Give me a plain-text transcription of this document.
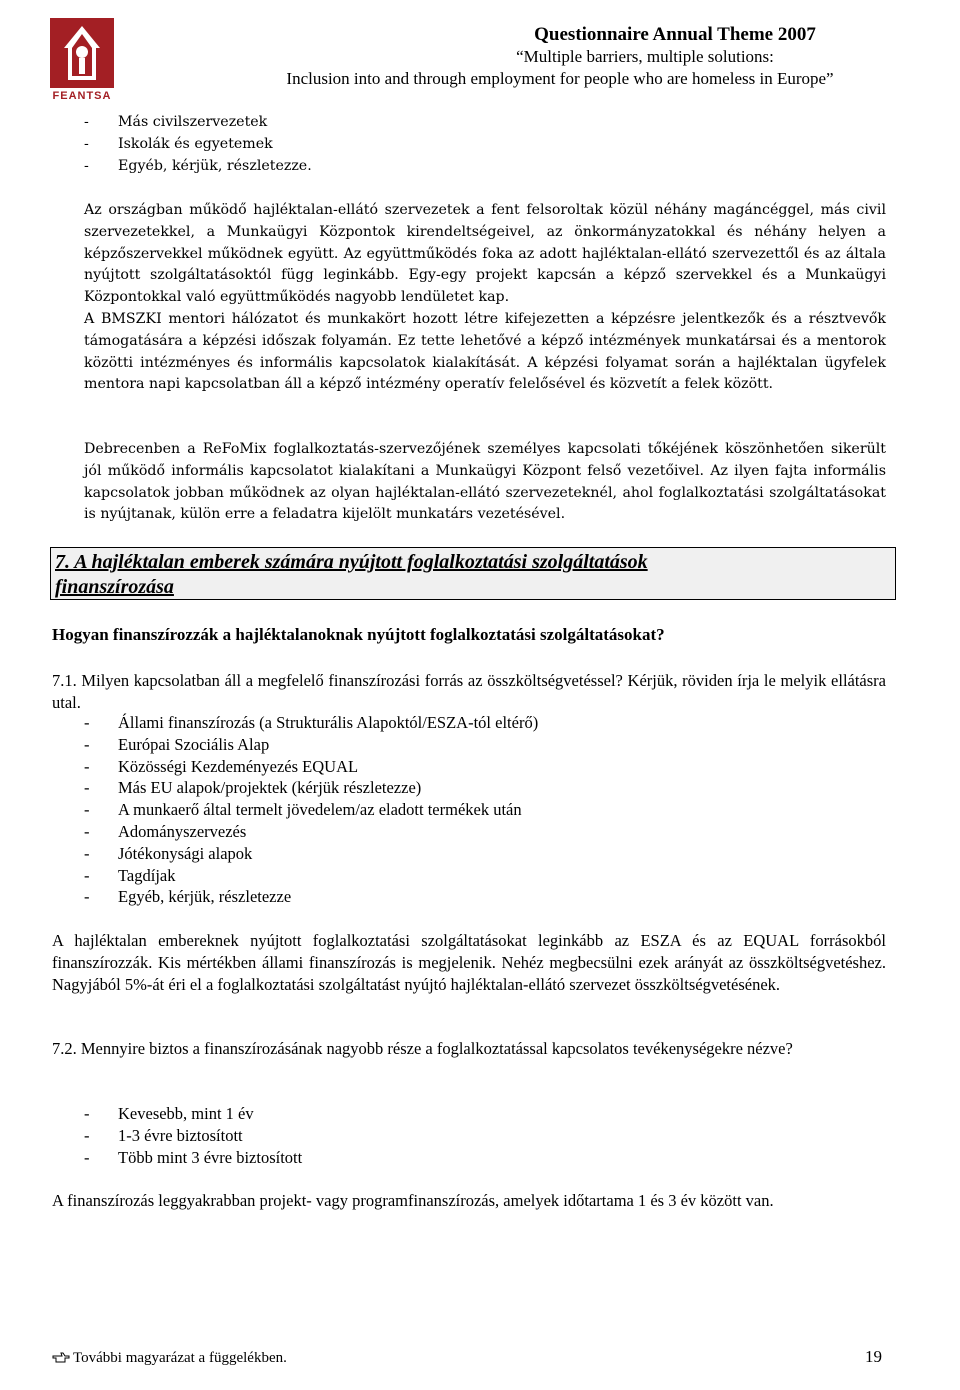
FEANTSA
Questionnaire Annual Theme 2007
“Multiple barriers, multiple solutions:
Inclusion into and through employment for people who are homeless in Europe”
- Más civilszervezetek
- Iskolák és egyetemek
- Egyéb, kérjük, részletezze.
Az országban működő hajléktalan-ellátó szervezetek a fent felsoroltak közül néhány magáncéggel, más civil szervezetekkel, a Munkaügyi Központok kirendeltségeivel, az önkormányzatokkal és néhány helyen a képzőszervekkel működnek együtt. Az együttműködés foka az adott hajléktalan-ellátó szervezettől és az általa nyújtott szolgáltatásoktól függ leginkább. Egy-egy projekt kapcsán a képző szervekkel és a Munkaügyi Központokkal való együttműködés nagyobb lendületet kap.
A BMSZKI mentori hálózatot és munkakört hozott létre kifejezetten a képzésre jelentkezők és a résztvevők támogatására a képzési időszak folyamán. Ez tette lehetővé a képző intézmények munkatársai és a mentorok közötti intézményes és informális kapcsolatok kialakítását. A képzési folyamat során a hajléktalan ügyfelek mentora napi kapcsolatban áll a képző intézmény operatív felelősével és közvetít a felek között.
Debrecenben a ReFoMix foglalkoztatás-szervezőjének személyes kapcsolati tőkéjének köszönhetően sikerült jól működő informális kapcsolatot kialakítani a Munkaügyi Központ felső vezetőivel. Az ilyen fajta informális kapcsolatok jobban működnek az olyan hajléktalan-ellátó szervezeteknél, ahol foglalkoztatási szolgáltatásokat is nyújtanak, külön erre a feladatra kijelölt munkatárs vezetésével.
7. A hajléktalan emberek számára nyújtott foglalkoztatási szolgáltatások
finanszírozása
Hogyan finanszírozzák a hajléktalanoknak nyújtott foglalkoztatási szolgáltatásokat?
7.1. Milyen kapcsolatban áll a megfelelő finanszírozási forrás az összköltségvetéssel? Kérjük, röviden írja le melyik ellátásra utal.
- Állami finanszírozás (a Strukturális Alapoktól/ESZA-tól eltérő)
- Európai Szociális Alap
- Közösségi Kezdeményezés EQUAL
- Más EU alapok/projektek (kérjük részletezze)
- A munkaerő által termelt jövedelem/az eladott termékek után
- Adományszervezés
- Jótékonysági alapok
- Tagdíjak
- Egyéb, kérjük, részletezze
A hajléktalan embereknek nyújtott foglalkoztatási szolgáltatásokat leginkább az ESZA és az EQUAL forrásokból finanszírozzák. Kis mértékben állami finanszírozás is megjelenik. Nehéz megbecsülni ezek arányát az összköltségvetéshez. Nagyjából 5%-át éri el a foglalkoztatási szolgáltatást nyújtó hajléktalan-ellátó szervezet összköltségvetésének.
7.2. Mennyire biztos a finanszírozásának nagyobb része a foglalkoztatással kapcsolatos tevékenységekre nézve?
- Kevesebb, mint 1 év
- 1-3 évre biztosított
- Több mint 3 évre biztosított
A finanszírozás leggyakrabban projekt- vagy programfinanszírozás, amelyek időtartama 1 és 3 év között van.
További magyarázat a függelékben.	19
